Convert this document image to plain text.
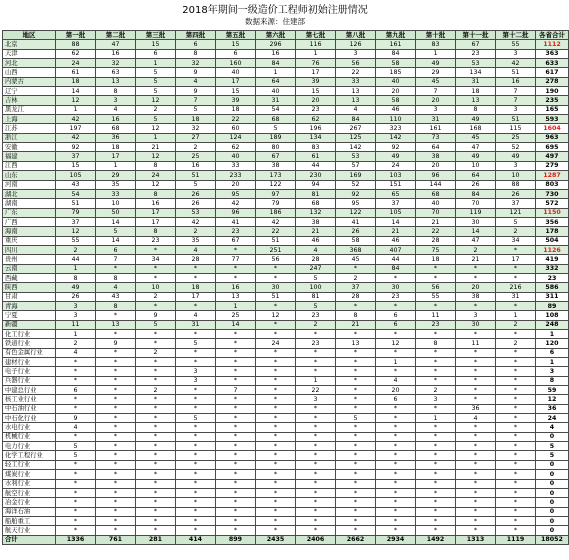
2018年期间一级造价工程师初始注册情况
数据来源：住建部
地区	第一批	第二批	第三批	第四批	第五批	第六批	第七批	第八批	第九批	第十批	第十一批	第十二批	各省合计
北京	88	47	15	6	15	296	116	126	161	83	67	55	1112
天津	62	16	6	8	6	16	1	3	84	1	23	3	363
河北	24	32	1	32	160	84	76	56	58	49	53	42	633
山西	61	63	5	9	40	1	17	22	185	29	134	51	617
内蒙古	18	13	5	4	17	64	39	33	40	45	31	16	278
辽宁	14	8	5	9	15	40	15	13	20	7	18	7	190
吉林	12	3	12	7	39	31	20	13	58	20	13	7	235
黑龙江	1	4	2	5	18	54	23	4	46	3	8	3	165
上海	42	16	5	18	22	68	62	84	110	31	49	51	593
江苏	197	68	12	32	60	5	196	267	323	161	168	115	1604
浙江	42	36	1	27	124	189	134	125	142	73	45	25	963
安徽	92	18	21	2	62	80	83	142	92	64	47	52	695
福建	37	17	12	25	40	67	61	53	49	38	49	49	497
江西	15	1	8	16	33	38	44	57	24	20	10	3	279
山东	105	29	24	51	233	173	230	169	103	96	64	10	1287
河南	43	35	12	5	20	122	94	52	151	144	26	88	803
湖北	54	33	8	26	95	97	81	92	65	68	84	26	730
湖南	51	10	16	26	42	79	68	95	37	40	70	37	572
广东	79	50	17	53	96	186	132	122	105	70	119	121	1150
广西	37	14	17	42	41	42	38	41	14	21	30	5	356
海南	12	5	8	2	23	22	21	26	21	22	14	2	178
重庆	55	14	23	35	67	51	46	58	46	28	47	34	504
四川	2	6	*	4	*	251	4	368	407	75	2	*	1126
贵州	44	7	34	28	77	56	28	45	44	18	21	17	419
云南	1	*	*	*	*	*	247	*	84	*	*	*	332
西藏	8	8	*	*	*	*	5	2	*	*	*	*	23
陕西	49	4	10	18	16	30	100	37	30	56	20	216	586
甘肃	26	43	2	17	13	51	81	28	23	55	38	31	311
青海	3	8	*	*	1	*	5	*	*	*	*	*	89
宁夏	3	*	9	4	25	12	23	8	6	11	3	1	108
新疆	11	13	5	31	14	*	2	21	6	23	30	2	248
化工行业	1	*	*	*	*	*	*	*	*	*	*	*	1
铁道行业	2	9	*	5	*	24	23	13	12	8	11	2	120
有色金属行业	4	*	2	*	*	*	*	*	*	*	*	*	6
建材行业	*	*	*	*	*	*	*	*	1	*	*	*	1
电子行业	*	*	*	3	*	*	*	*	*	*	*	*	3
兵器行业	*	*	*	3	*	*	1	*	4	*	*	*	8
中建总行业	6	*	2	*	7	*	22	*	20	2	*	*	59
核工业行业	*	*	*	*	*	*	3	*	6	3	*	*	12
中石油行业	*	*	*	*	*	*	*	*	*	*	36	*	36
中石化行业	9	*	*	5	*	*	*	5	*	1	4	*	24
水电行业	4	*	*	*	*	*	*	*	*	*	*	*	4
机械行业	*	*	*	*	*	*	*	*	*	*	*	*	0
电力行业	5	*	*	*	*	*	*	*	*	*	*	*	5
化学工程行业	5	*	*	*	*	*	*	*	*	*	*	*	5
轻工行业	*	*	*	*	*	*	*	*	*	*	*	*	0
煤炭行业	*	*	*	*	*	*	*	*	*	*	*	*	0
水利行业	*	*	*	*	*	*	*	*	*	*	*	*	0
航空行业	*	*	*	*	*	*	*	*	*	*	*	*	0
冶金行业	*	*	*	*	*	*	*	*	*	*	*	*	0
海洋石油	*	*	*	*	*	*	*	*	*	*	*	*	0
船舶重工	*	*	*	*	*	*	*	*	*	*	*	*	0
航天行业	*	*	*	*	*	*	*	*	*	*	*	*	0
合计	1336	761	281	414	899	2435	2406	2662	2934	1492	1313	1119	18052
